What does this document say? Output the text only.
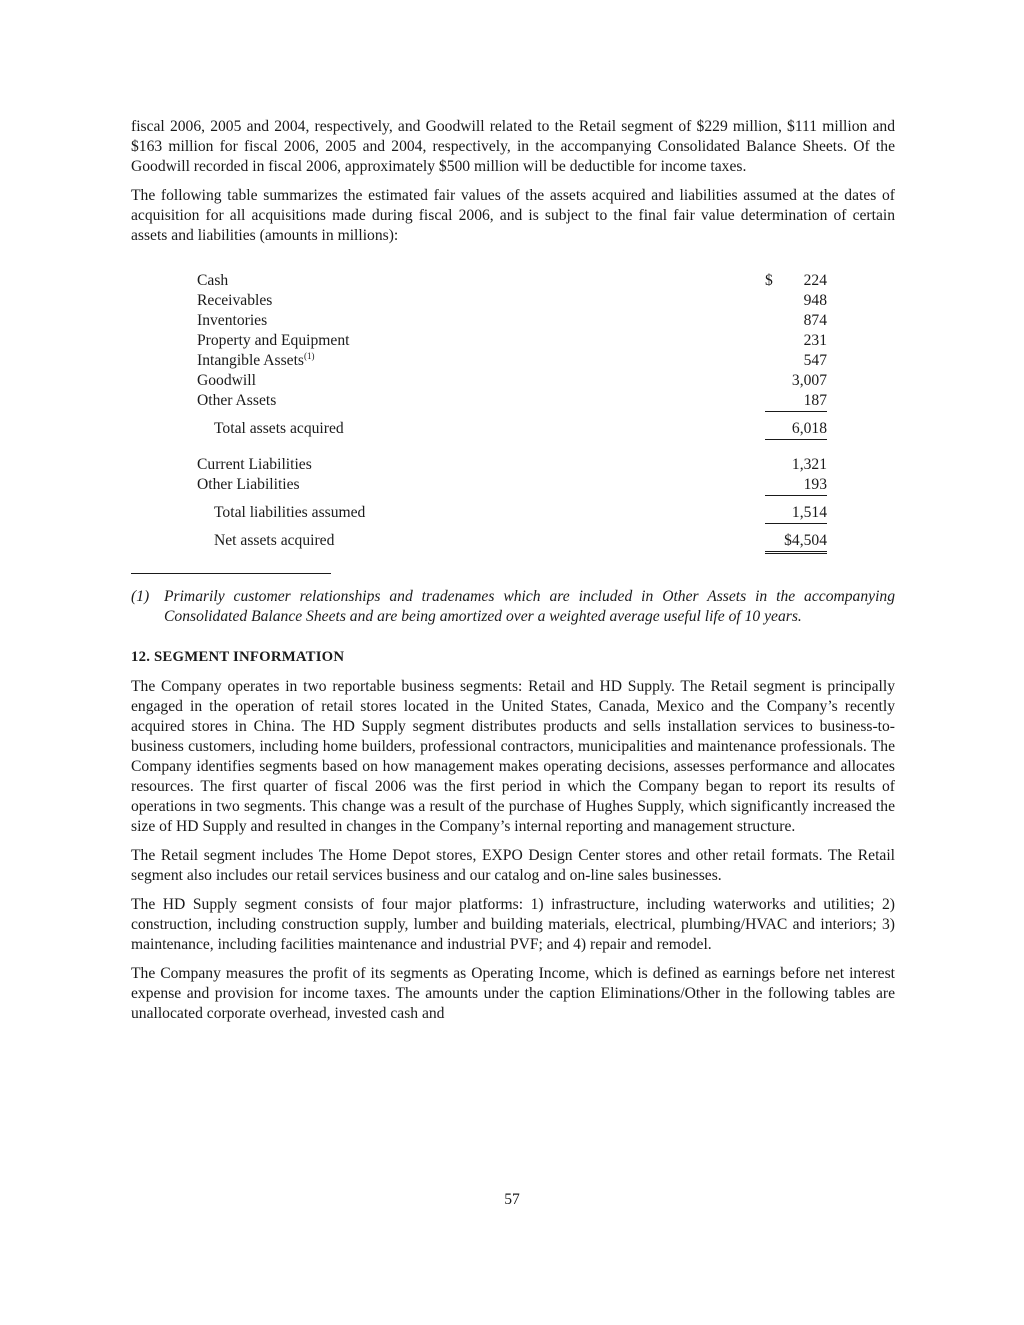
fiscal 2006, 2005 and 2004, respectively, and Goodwill related to the Retail segment of $229 million, $111 million and $163 million for fiscal 2006, 2005 and 2004, respectively, in the accompanying Consolidated Balance Sheets. Of the Goodwill recorded in fiscal 2006, approximately $500 million will be deductible for income taxes.

The following table summarizes the estimated fair values of the assets acquired and liabilities assumed at the dates of acquisition for all acquisitions made during fiscal 2006, and is subject to the final fair value determination of certain assets and liabilities (amounts in millions):

Cash	$	224
Receivables		948
Inventories		874
Property and Equipment		231
Intangible Assets$^{(1)}$		547
Goodwill		3,007
Other Assets		187
Total assets acquired		6,018
Current Liabilities		1,321
Other Liabilities		193
Total liabilities assumed		1,514
Net assets acquired		$4,504
(1) Primarily customer relationships and tradenames which are included in Other Assets in the accompanying Consolidated Balance Sheets and are being amortized over a weighted average useful life of 10 years.
12. SEGMENT INFORMATION

The Company operates in two reportable business segments: Retail and HD Supply. The Retail segment is principally engaged in the operation of retail stores located in the United States, Canada, Mexico and the Company’s recently acquired stores in China. The HD Supply segment distributes products and sells installation services to business-to-business customers, including home builders, professional contractors, municipalities and maintenance professionals. The Company identifies segments based on how management makes operating decisions, assesses performance and allocates resources. The first quarter of fiscal 2006 was the first period in which the Company began to report its results of operations in two segments. This change was a result of the purchase of Hughes Supply, which significantly increased the size of HD Supply and resulted in changes in the Company’s internal reporting and management structure.

The Retail segment includes The Home Depot stores, EXPO Design Center stores and other retail formats. The Retail segment also includes our retail services business and our catalog and on-line sales businesses.

The HD Supply segment consists of four major platforms: 1) infrastructure, including waterworks and utilities; 2) construction, including construction supply, lumber and building materials, electrical, plumbing/HVAC and interiors; 3) maintenance, including facilities maintenance and industrial PVF; and 4) repair and remodel.

The Company measures the profit of its segments as Operating Income, which is defined as earnings before net interest expense and provision for income taxes. The amounts under the caption Eliminations/Other in the following tables are unallocated corporate overhead, invested cash and

57
